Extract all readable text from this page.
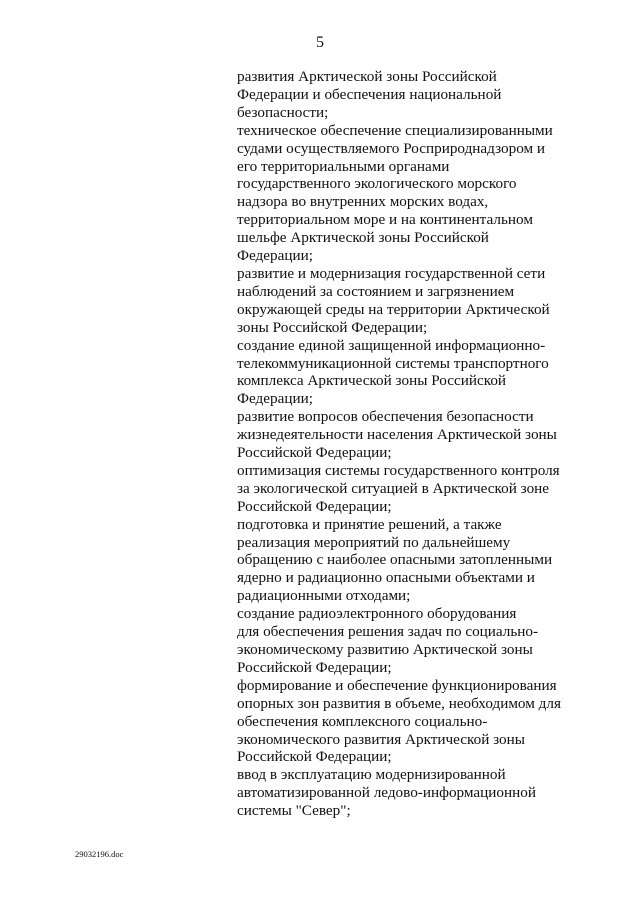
5

развития Арктической зоны Российской
Федерации и обеспечения национальной
безопасности;

техническое обеспечение специализированными
судами осуществляемого Росприроднадзором и
его территориальными органами
государственного экологического морского
надзора во внутренних морских водах,
территориальном море и на континентальном
шельфе Арктической зоны Российской
Федерации;

развитие и модернизация государственной сети
наблюдений за состоянием и загрязнением
окружающей среды на территории Арктической
зоны Российской Федерации;

создание единой защищенной информационно-
телекоммуникационной системы транспортного
комплекса Арктической зоны Российской
Федерации;

развитие вопросов обеспечения безопасности
жизнедеятельности населения Арктической зоны
Российской Федерации;

оптимизация системы государственного контроля
за экологической ситуацией в Арктической зоне
Российской Федерации;

подготовка и принятие решений, а также
реализация мероприятий по дальнейшему
обращению с наиболее опасными затопленными
ядерно и радиационно опасными объектами и
радиационными отходами;

создание радиоэлектронного оборудования
для обеспечения решения задач по социально-
экономическому развитию Арктической зоны
Российской Федерации;

формирование и обеспечение функционирования
опорных зон развития в объеме, необходимом для
обеспечения комплексного социально-
экономического развития Арктической зоны
Российской Федерации;

ввод в эксплуатацию модернизированной
автоматизированной ледово-информационной
системы "Север";

29032196.doc
